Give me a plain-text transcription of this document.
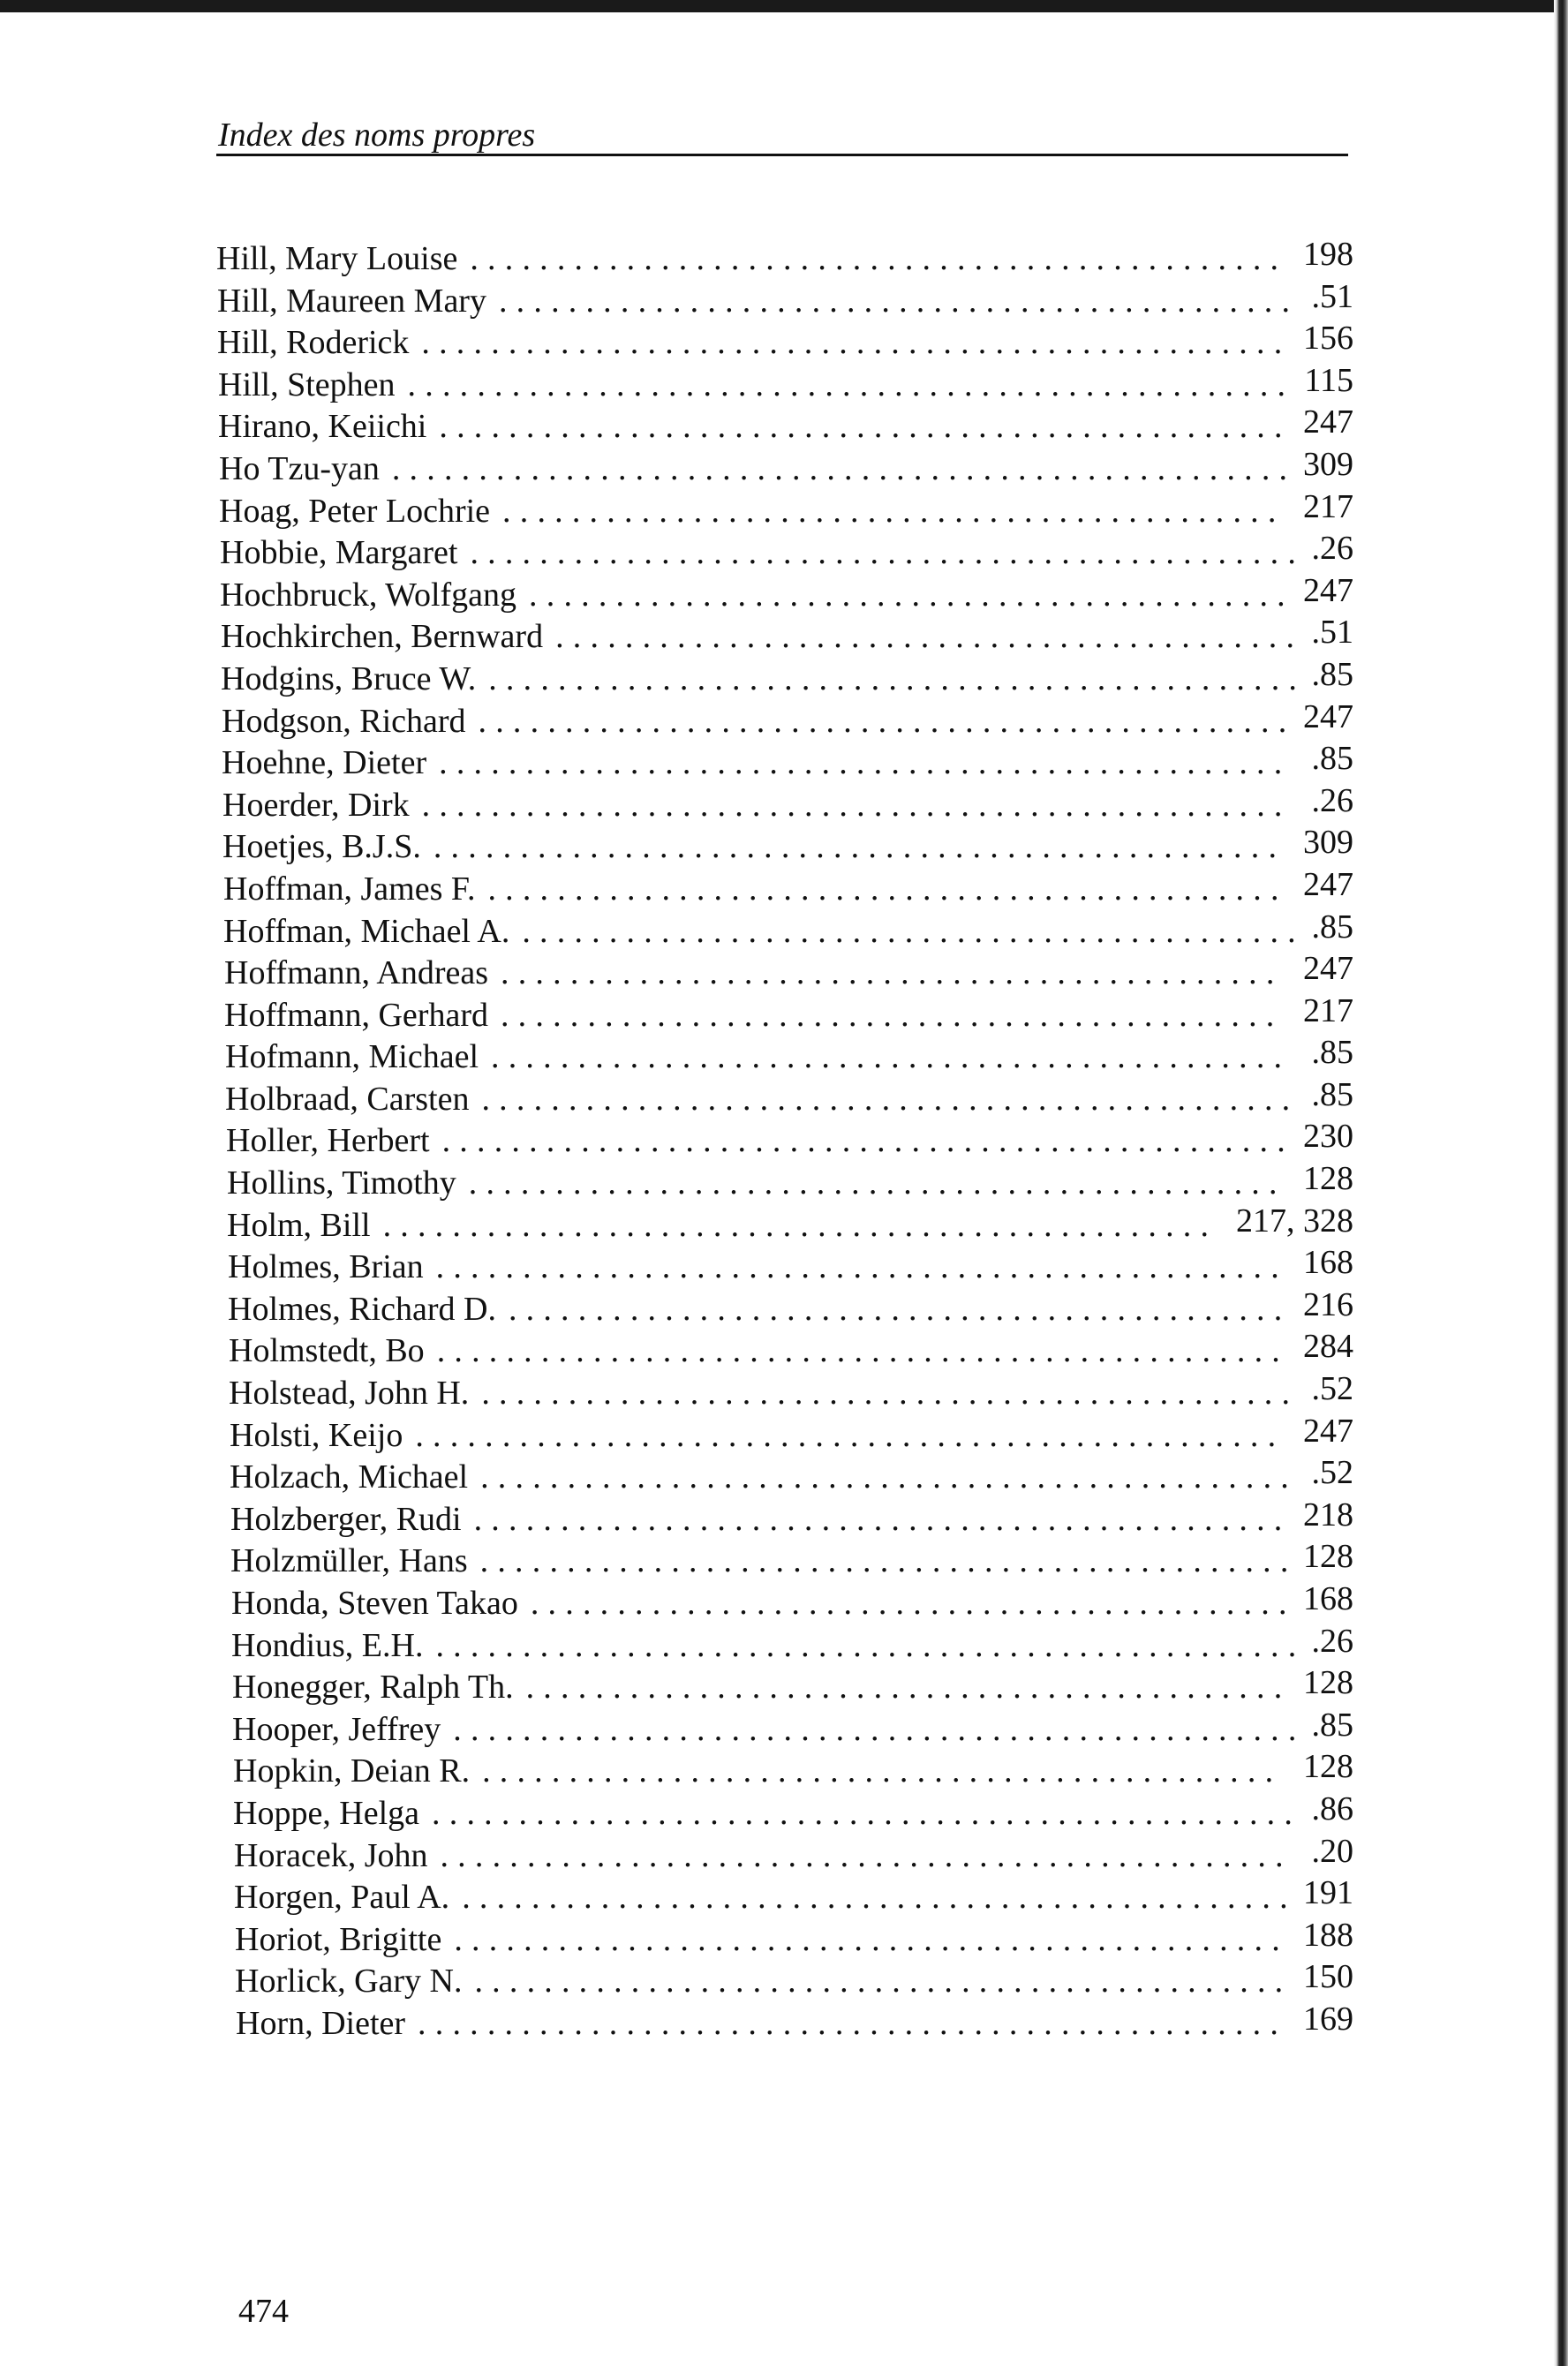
Index des noms propres
Hill, Mary Louise ............................................... 198
Hill, Maureen Mary .............................................. .51
Hill, Roderick .................................................. 156
Hill, Stephen ................................................... 115
Hirano, Keiichi ................................................. 247
Ho Tzu-yan .................................................... 309
Hoag, Peter Lochrie ............................................. 217
Hobbie, Margaret ................................................ .26
Hochbruck, Wolfgang ............................................ 247
Hochkirchen, Bernward ........................................... .51
Hodgins, Bruce W. ............................................... .85
Hodgson, Richard ............................................... 247
Hoehne, Dieter ................................................. .85
Hoerder, Dirk .................................................. .26
Hoetjes, B.J.S. ................................................. 309
Hoffman, James F. .............................................. 247
Hoffman, Michael A. ............................................. .85
Hoffmann, Andreas ............................................. 247
Hoffmann, Gerhard ............................................. 217
Hofmann, Michael .............................................. .85
Holbraad, Carsten ............................................... .85
Holler, Herbert ................................................. 230
Hollins, Timothy ............................................... 128
Holm, Bill ................................................ 217, 328
Holmes, Brian ................................................. 168
Holmes, Richard D. ............................................. 216
Holmstedt, Bo ................................................. 284
Holstead, John H. ............................................... .52
Holsti, Keijo .................................................. 247
Holzach, Michael ............................................... .52
Holzberger, Rudi ............................................... 218
Holzmüller, Hans ............................................... 128
Honda, Steven Takao ............................................ 168
Hondius, E.H. .................................................. .26
Honegger, Ralph Th. ............................................ 128
Hooper, Jeffrey ................................................. .85
Hopkin, Deian R. .............................................. 128
Hoppe, Helga .................................................. .86
Horacek, John ................................................. .20
Horgen, Paul A. ................................................ 191
Horiot, Brigitte ................................................ 188
Horlick, Gary N. ............................................... 150
Horn, Dieter .................................................. 169
474
